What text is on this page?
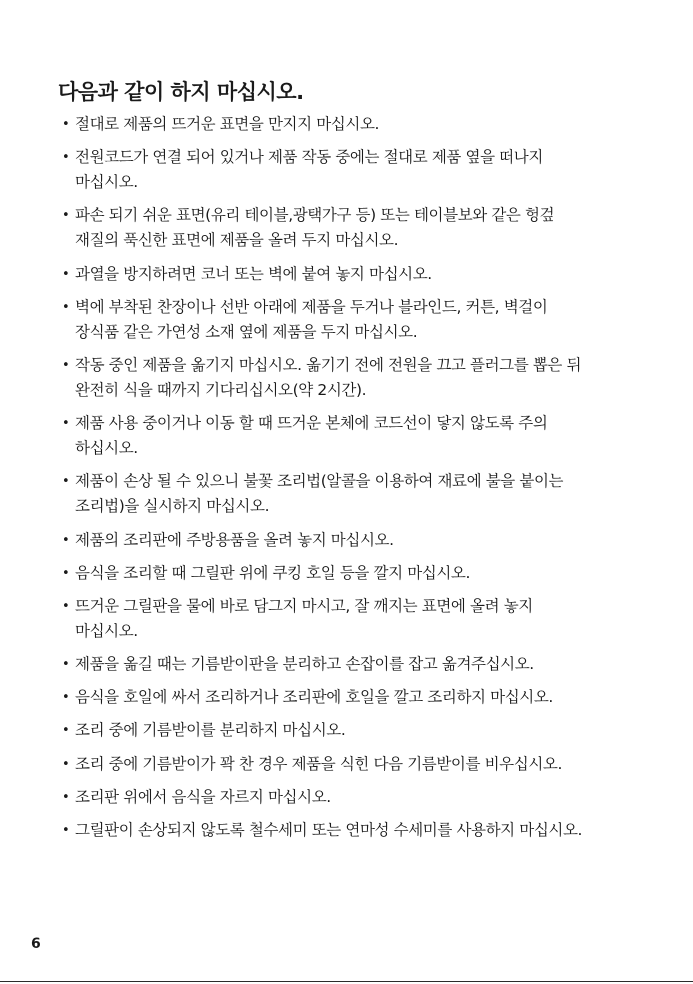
다음과 같이 하지 마십시오.
• 절대로 제품의 뜨거운 표면을 만지지 마십시오.
• 전원코드가 연결 되어 있거나 제품 작동 중에는 절대로 제품 옆을 떠나지
마십시오.
• 파손 되기 쉬운 표면(유리 테이블,광택가구 등) 또는 테이블보와 같은 헝겊
재질의 푹신한 표면에 제품을 올려 두지 마십시오.
• 과열을 방지하려면 코너 또는 벽에 붙여 놓지 마십시오.
• 벽에 부착된 찬장이나 선반 아래에 제품을 두거나 블라인드, 커튼, 벽걸이
장식품 같은 가연성 소재 옆에 제품을 두지 마십시오.
• 작동 중인 제품을 옮기지 마십시오. 옮기기 전에 전원을 끄고 플러그를 뽑은 뒤
완전히 식을 때까지 기다리십시오(약 2시간).
• 제품 사용 중이거나 이동 할 때 뜨거운 본체에 코드선이 닿지 않도록 주의
하십시오.
• 제품이 손상 될 수 있으니 불꽃 조리법(알콜을 이용하여 재료에 불을 붙이는
조리법)을 실시하지 마십시오.
• 제품의 조리판에 주방용품을 올려 놓지 마십시오.
• 음식을 조리할 때 그릴판 위에 쿠킹 호일 등을 깔지 마십시오.
• 뜨거운 그릴판을 물에 바로 담그지 마시고, 잘 깨지는 표면에 올려 놓지
마십시오.
• 제품을 옮길 때는 기름받이판을 분리하고 손잡이를 잡고 옮겨주십시오.
• 음식을 호일에 싸서 조리하거나 조리판에 호일을 깔고 조리하지 마십시오.
• 조리 중에 기름받이를 분리하지 마십시오.
• 조리 중에 기름받이가 꽉 찬 경우 제품을 식힌 다음 기름받이를 비우십시오.
• 조리판 위에서 음식을 자르지 마십시오.
• 그릴판이 손상되지 않도록 철수세미 또는 연마성 수세미를 사용하지 마십시오.
6
